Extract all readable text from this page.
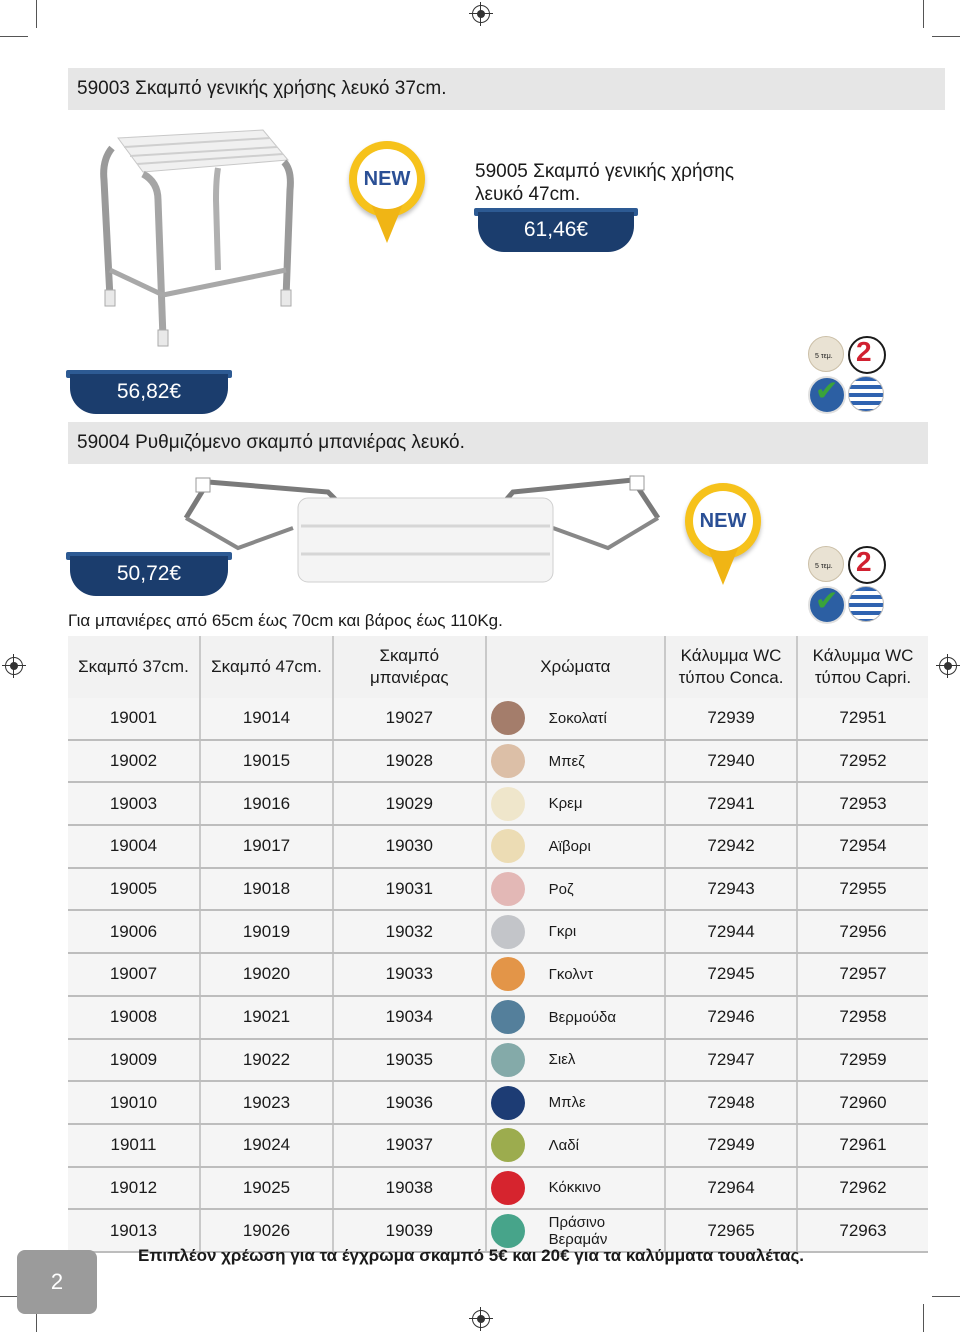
59003 Σκαμπό γενικής χρήσης λευκό 37cm.
NEW	59005 Σκαμπό γενικής χρήσης λευκό 47cm.
61,46€
56,82€
5 τεμ. 2
✔
59004 Ρυθμιζόμενο σκαμπό μπανιέρας λευκό.
NEW
50,72€	5 τεμ. 2
✔
Για μπανιέρες από 65cm έως 70cm και βάρος έως 110Kg.
Σκαμπό 37cm.	Σκαμπό 47cm.	Σκαμπό μπανιέρας	Χρώματα	Κάλυμμα WC τύπου Conca.	Κάλυμμα WC τύπου Capri.

19001	19014	19027	Σοκολατί	72939	72951
19002	19015	19028	Μπεζ	72940	72952
19003	19016	19029	Κρεμ	72941	72953
19004	19017	19030	Αϊβορι	72942	72954
19005	19018	19031	Ροζ	72943	72955
19006	19019	19032	Γκρι	72944	72956
19007	19020	19033	Γκολντ	72945	72957
19008	19021	19034	Βερμούδα	72946	72958
19009	19022	19035	Σιελ	72947	72959
19010	19023	19036	Μπλε	72948	72960
19011	19024	19037	Λαδί	72949	72961
19012	19025	19038	Κόκκινο	72964	72962
19013	19026	19039	Πράσινο Βεραμάν	72965	72963
2
Επιπλέον χρέωση για τα έγχρωμα σκαμπό 5€ και 20€ για τα καλύμματα τουαλέτας.
